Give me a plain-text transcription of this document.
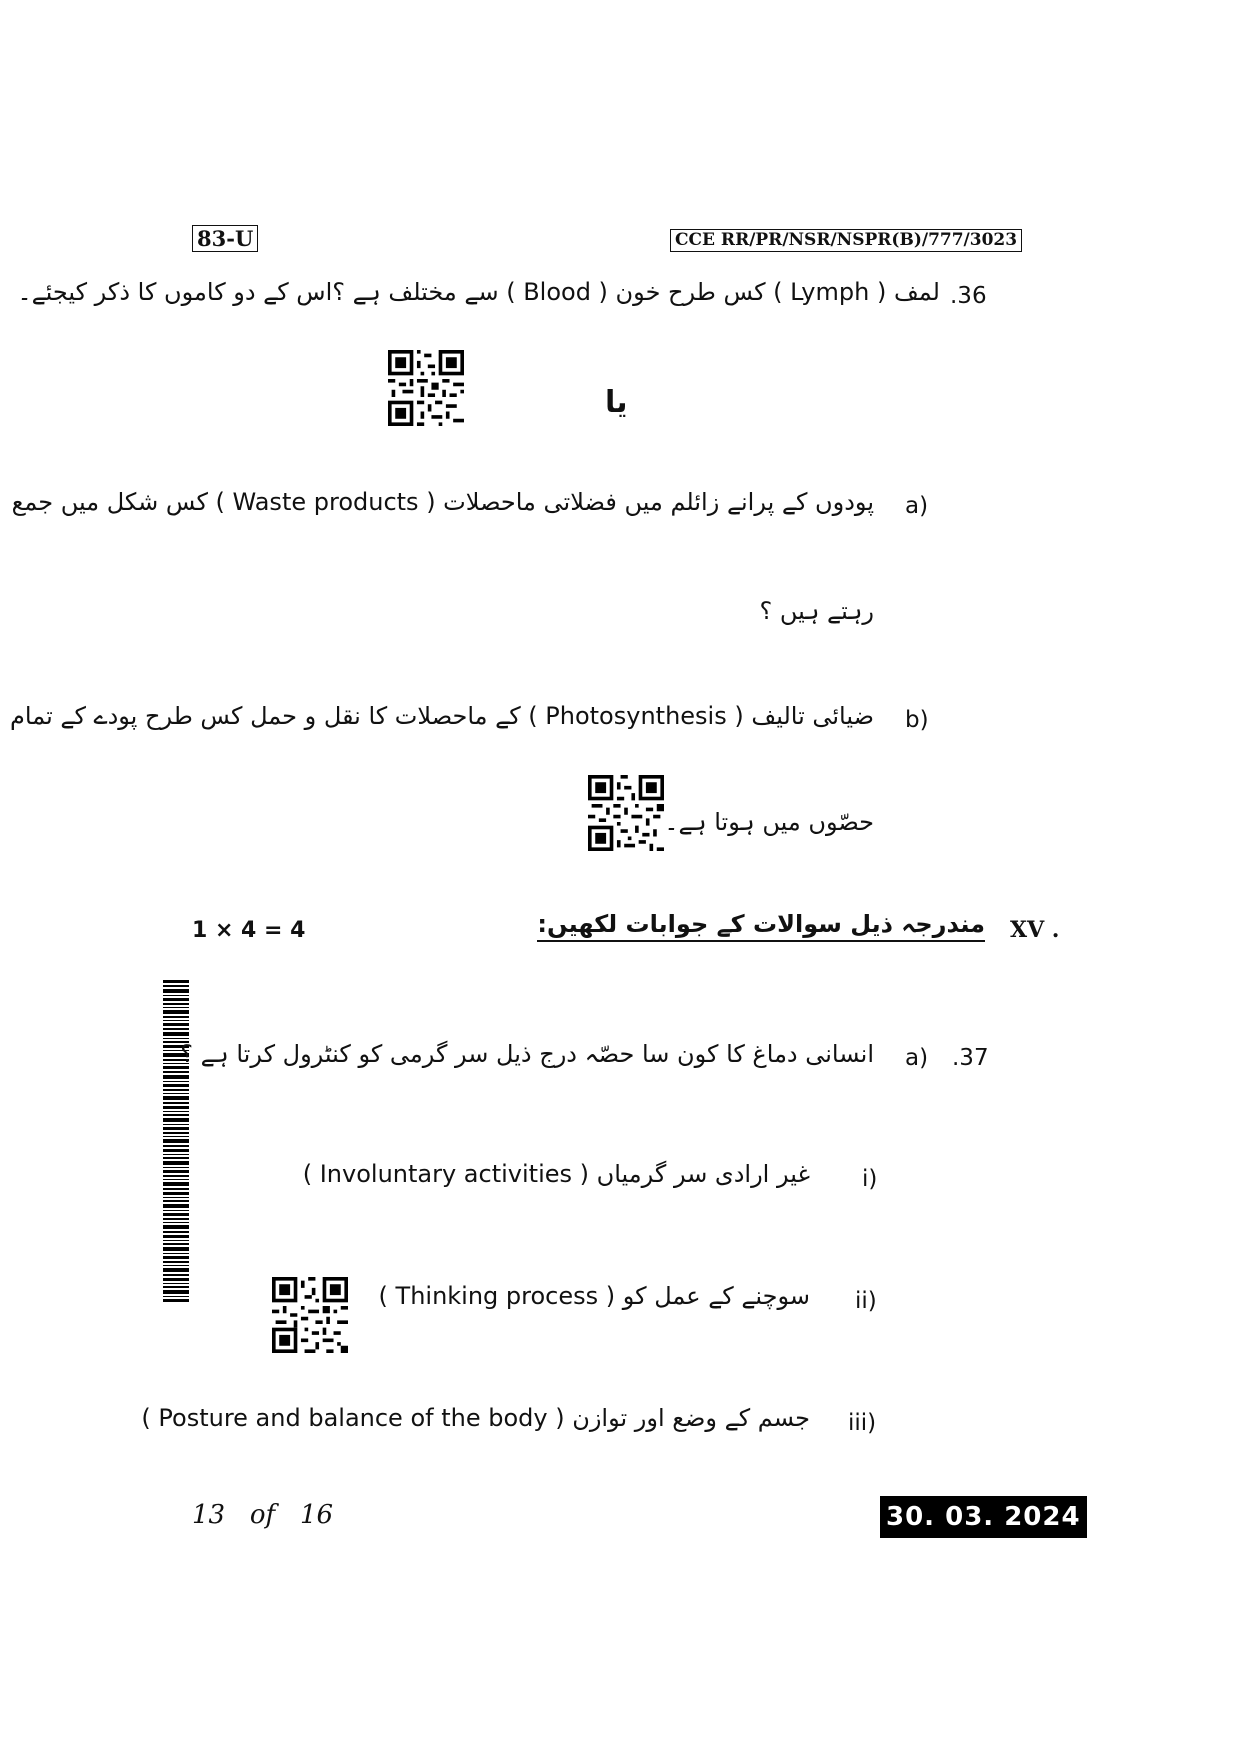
83-U	CCE RR/PR/NSR/NSPR(B)/777/3023
.36
لمف ( Lymph ) کس طرح خون ( Blood ) سے مختلف ہے ؟اس کے دو کاموں کا ذکر کیجئے۔
یا
a)
پودوں کے پرانے زائلم میں فضلاتی ماحصلات ( Waste products ) کس شکل میں جمع
رہتے ہیں ؟
b)
ضیائی تالیف ( Photosynthesis ) کے ماحصلات کا نقل و حمل کس طرح پودے کے تمام
حصّوں میں ہوتا ہے۔
XV .
مندرجہ ذیل سوالات کے جوابات لکھیں:
1 × 4 = 4
.37
a)
انسانی دماغ کا کون سا حصّہ درج ذیل سر گرمی کو کنٹرول کرتا ہے ؟
i)
غیر ارادی سر گرمیاں ( Involuntary activities )
ii)
سوچنے کے عمل کو ( Thinking process )
iii)
جسم کے وضع اور توازن ( Posture and balance of the body )
13 of 16	30. 03. 2024
